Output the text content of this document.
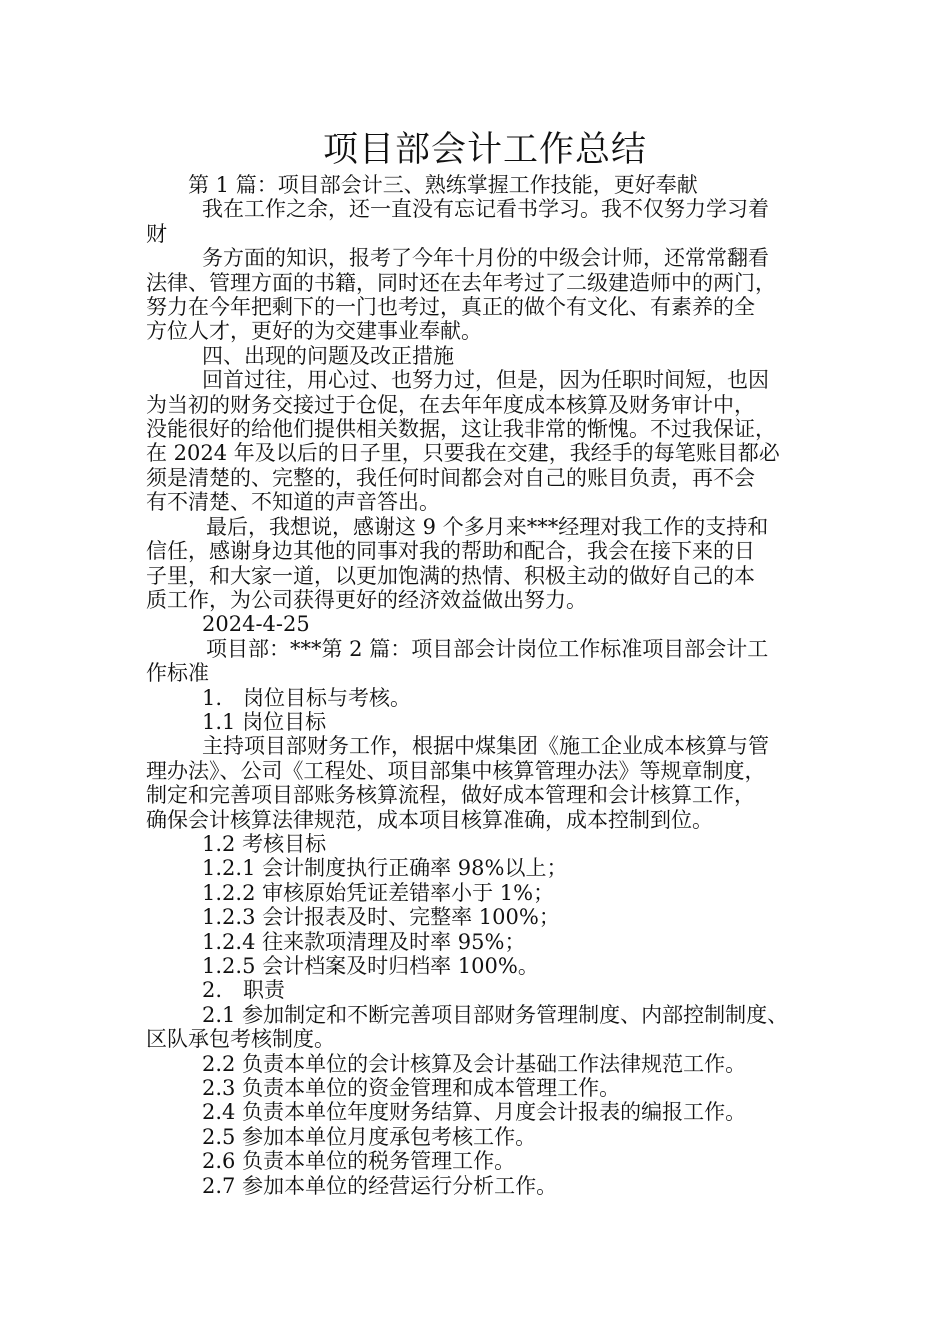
项目部会计工作总结
第 1 篇：项目部会计三、熟练掌握工作技能，更好奉献
我在工作之余，还一直没有忘记看书学习。我不仅努力学习着
财
务方面的知识，报考了今年十月份的中级会计师，还常常翻看
法律、管理方面的书籍，同时还在去年考过了二级建造师中的两门，
努力在今年把剩下的一门也考过，真正的做个有文化、有素养的全
方位人才，更好的为交建事业奉献。
四、出现的问题及改正措施
回首过往，用心过、也努力过，但是，因为任职时间短，也因
为当初的财务交接过于仓促，在去年年度成本核算及财务审计中，
没能很好的给他们提供相关数据，这让我非常的惭愧。不过我保证，
在 2024 年及以后的日子里，只要我在交建，我经手的每笔账目都必
须是清楚的、完整的，我任何时间都会对自己的账目负责，再不会
有不清楚、不知道的声音答出。
最后，我想说，感谢这 9 个多月来***经理对我工作的支持和
信任，感谢身边其他的同事对我的帮助和配合，我会在接下来的日
子里，和大家一道，以更加饱满的热情、积极主动的做好自己的本
质工作，为公司获得更好的经济效益做出努力。
2024-4-25
项目部：***第 2 篇：项目部会计岗位工作标准项目部会计工
作标准
1.　岗位目标与考核。
1.1 岗位目标
主持项目部财务工作，根据中煤集团《施工企业成本核算与管
理办法》、公司《工程处、项目部集中核算管理办法》等规章制度，
制定和完善项目部账务核算流程，做好成本管理和会计核算工作，
确保会计核算法律规范，成本项目核算准确，成本控制到位。
1.2 考核目标
1.2.1 会计制度执行正确率 98%以上；
1.2.2 审核原始凭证差错率小于 1%；
1.2.3 会计报表及时、完整率 100%；
1.2.4 往来款项清理及时率 95%；
1.2.5 会计档案及时归档率 100%。
2.　职责
2.1 参加制定和不断完善项目部财务管理制度、内部控制制度、
区队承包考核制度。
2.2 负责本单位的会计核算及会计基础工作法律规范工作。
2.3 负责本单位的资金管理和成本管理工作。
2.4 负责本单位年度财务结算、月度会计报表的编报工作。
2.5 参加本单位月度承包考核工作。
2.6 负责本单位的税务管理工作。
2.7 参加本单位的经营运行分析工作。
